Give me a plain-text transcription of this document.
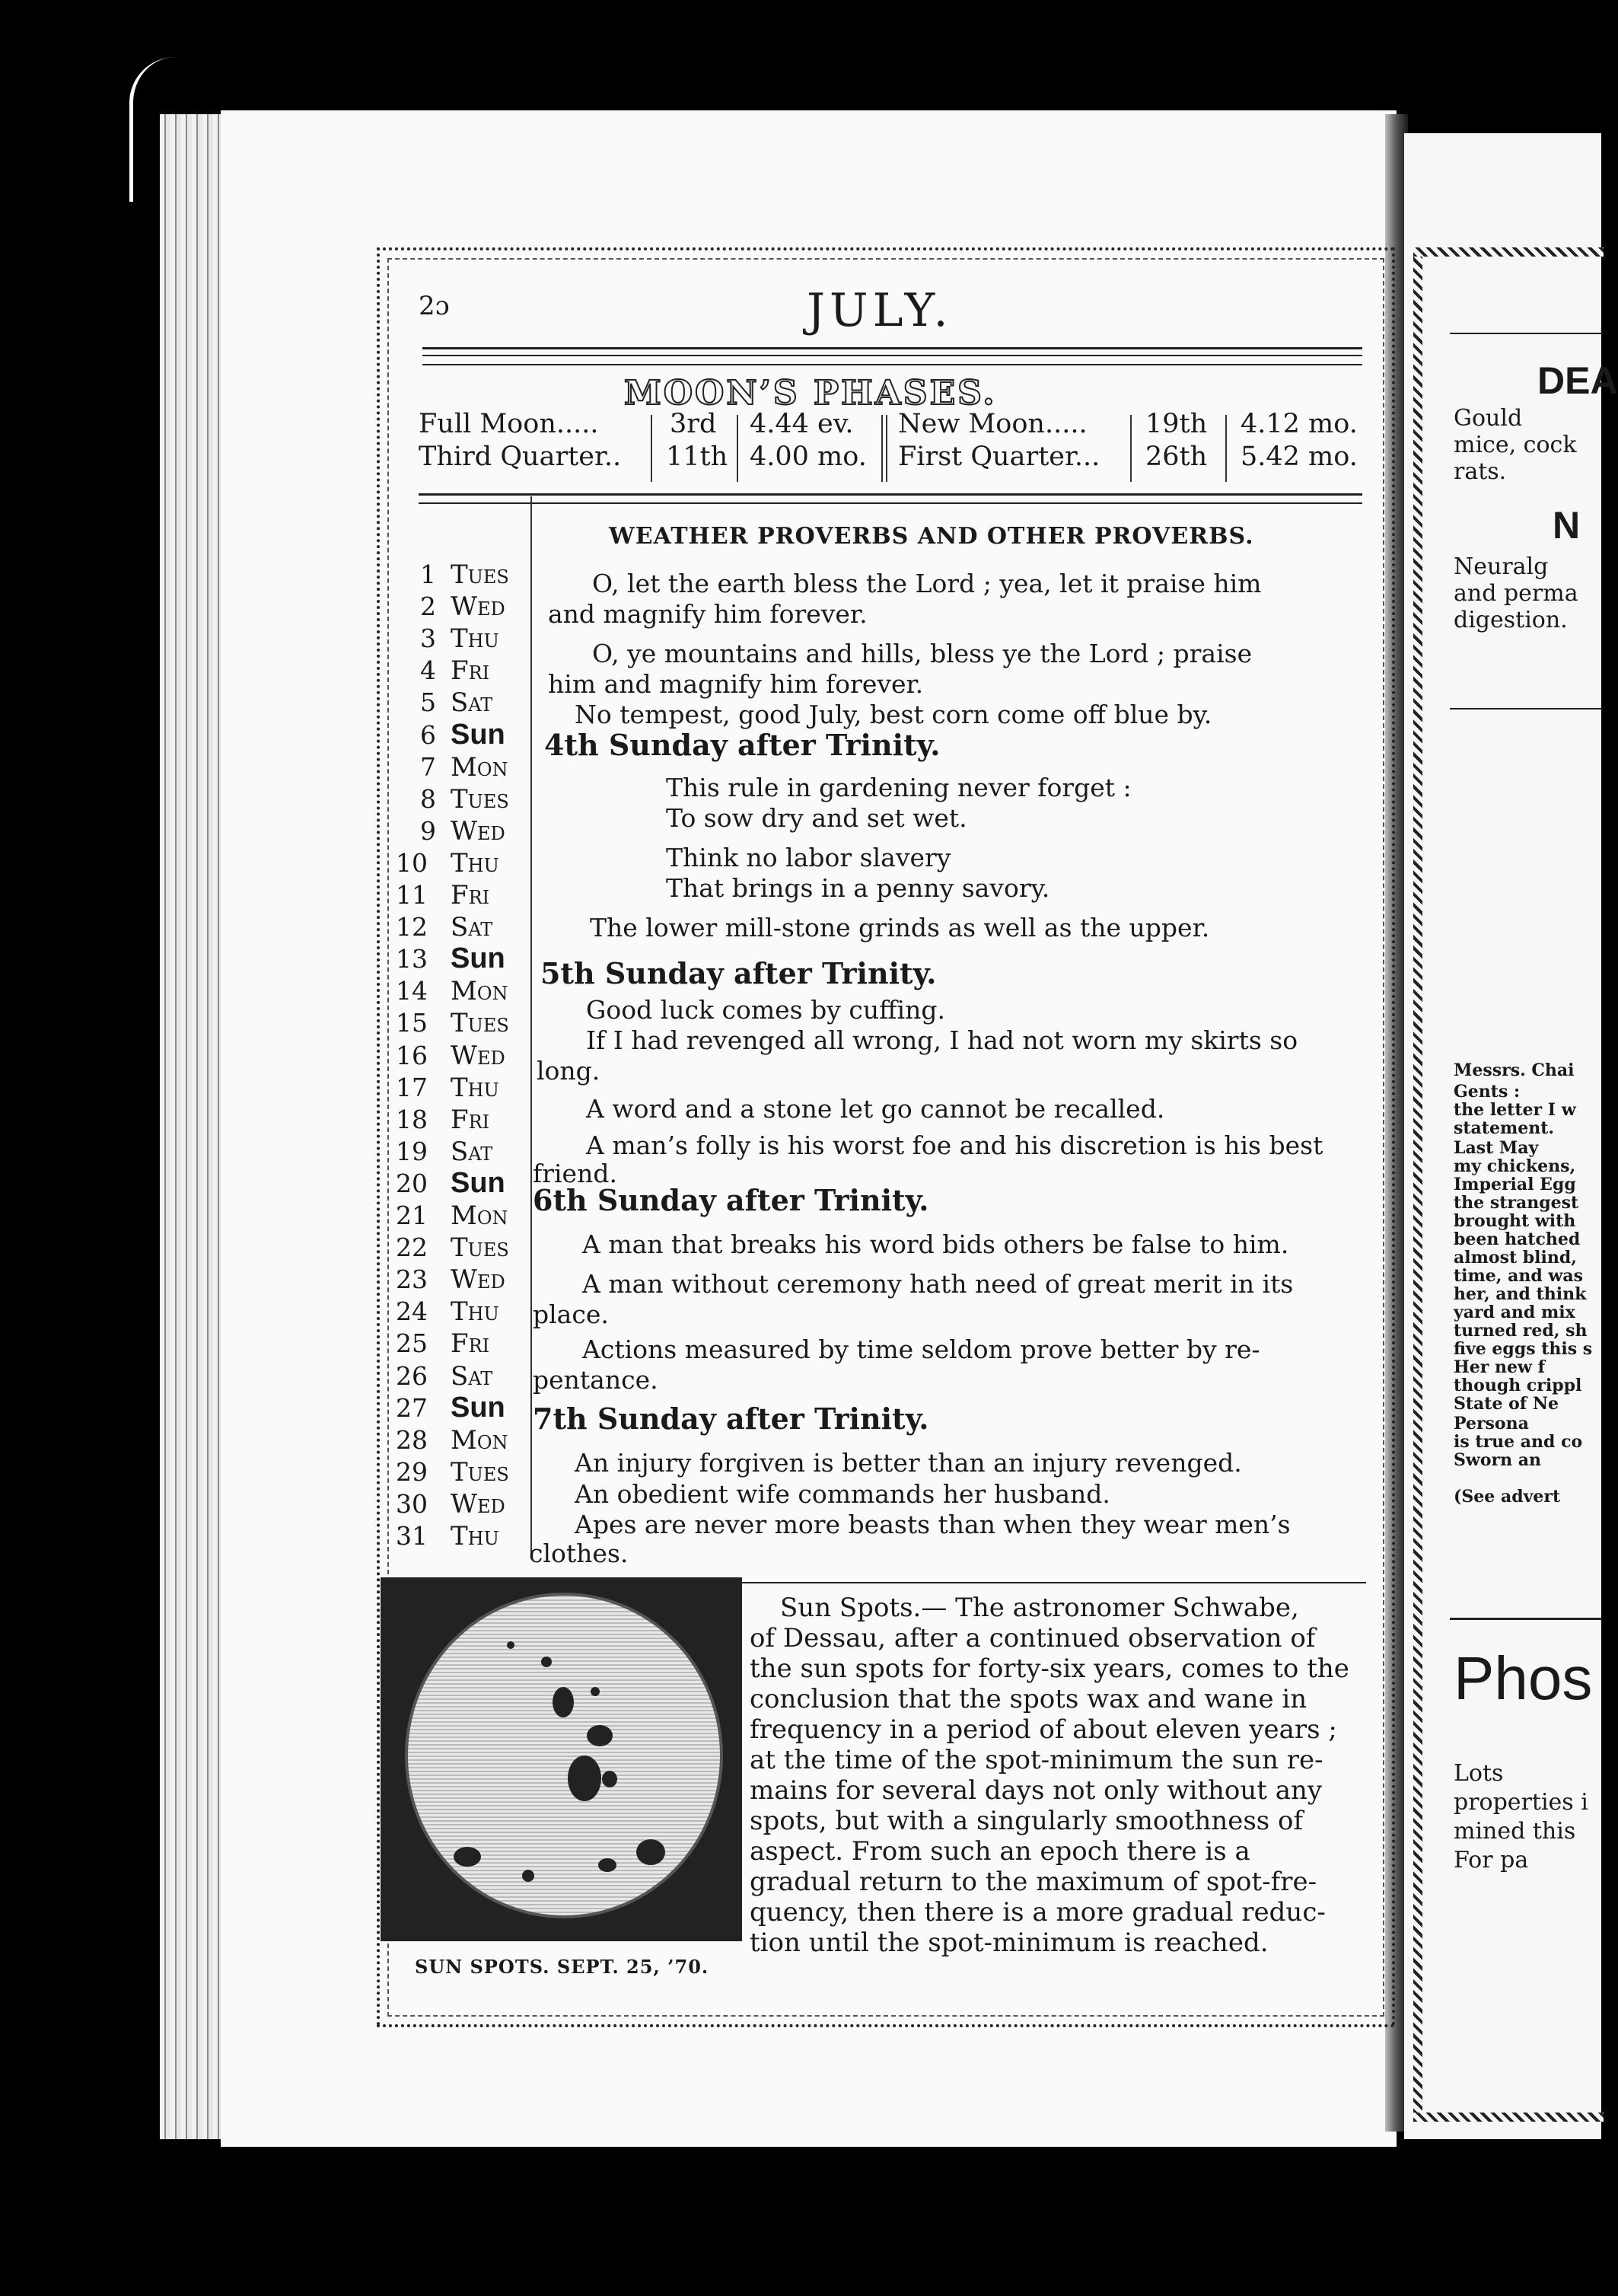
DEA
Gould
mice, cock
rats.
N
Neuralg
and perma
digestion.
Messrs. Chai
Gents :
the letter I w
statement.
Last May
my chickens,
Imperial Egg
the strangest
brought with
been hatched
almost blind,
time, and was
her, and think
yard and mix
turned red, sh
five eggs this s
Her new f
though crippl
State of Ne
Persona
is true and co
Sworn an
(See advert
Phos
Lots
properties i
mined this
For pa
2ɔ	JULY.
MOON’S PHASES.
Full Moon.....	3rd 4.44 ev. New Moon..... 19th 4.12 mo.
Third Quarter.. 11th 4.00 mo. First Quarter... 26th 5.42 mo.
WEATHER PROVERBS AND OTHER PROVERBS.
1 Tues
2 Wed
3 Thu
4 Fri
5 Sat
6 Sun
7 Mon
8 Tues
9 Wed
10 Thu
11 Fri
12 Sat
13 Sun
14 Mon
15 Tues
16 Wed
17 Thu
18 Fri
19 Sat
20 Sun
21 Mon
22 Tues
23 Wed
24 Thu
25 Fri
26 Sat
27 Sun
28 Mon
29 Tues
30 Wed
31 Thu
O, let the earth bless the Lord ; yea, let it praise him
and magnify him forever.
O, ye mountains and hills, bless ye the Lord ; praise
him and magnify him forever.
No tempest, good July, best corn come off blue by.
4th Sunday after Trinity.
This rule in gardening never forget :
To sow dry and set wet.
Think no labor slavery
That brings in a penny savory.
The lower mill-stone grinds as well as the upper.
5th Sunday after Trinity.
Good luck comes by cuffing.
If I had revenged all wrong, I had not worn my skirts so
long.
A word and a stone let go cannot be recalled.
A man’s folly is his worst foe and his discretion is his best
friend.
6th Sunday after Trinity.
A man that breaks his word bids others be false to him.
A man without ceremony hath need of great merit in its
place.
Actions measured by time seldom prove better by re-
pentance.
7th Sunday after Trinity.
An injury forgiven is better than an injury revenged.
An obedient wife commands her husband.
Apes are never more beasts than when they wear men’s
clothes.
SUN SPOTS. SEPT. 25, ’70.
Sun Spots.— The astronomer Schwabe,
of Dessau, after a continued observation of
the sun spots for forty-six years, comes to the
conclusion that the spots wax and wane in
frequency in a period of about eleven years ;
at the time of the spot-minimum the sun re-
mains for several days not only without any
spots, but with a singularly smoothness of
aspect. From such an epoch there is a
gradual return to the maximum of spot-fre-
quency, then there is a more gradual reduc-
tion until the spot-minimum is reached.
